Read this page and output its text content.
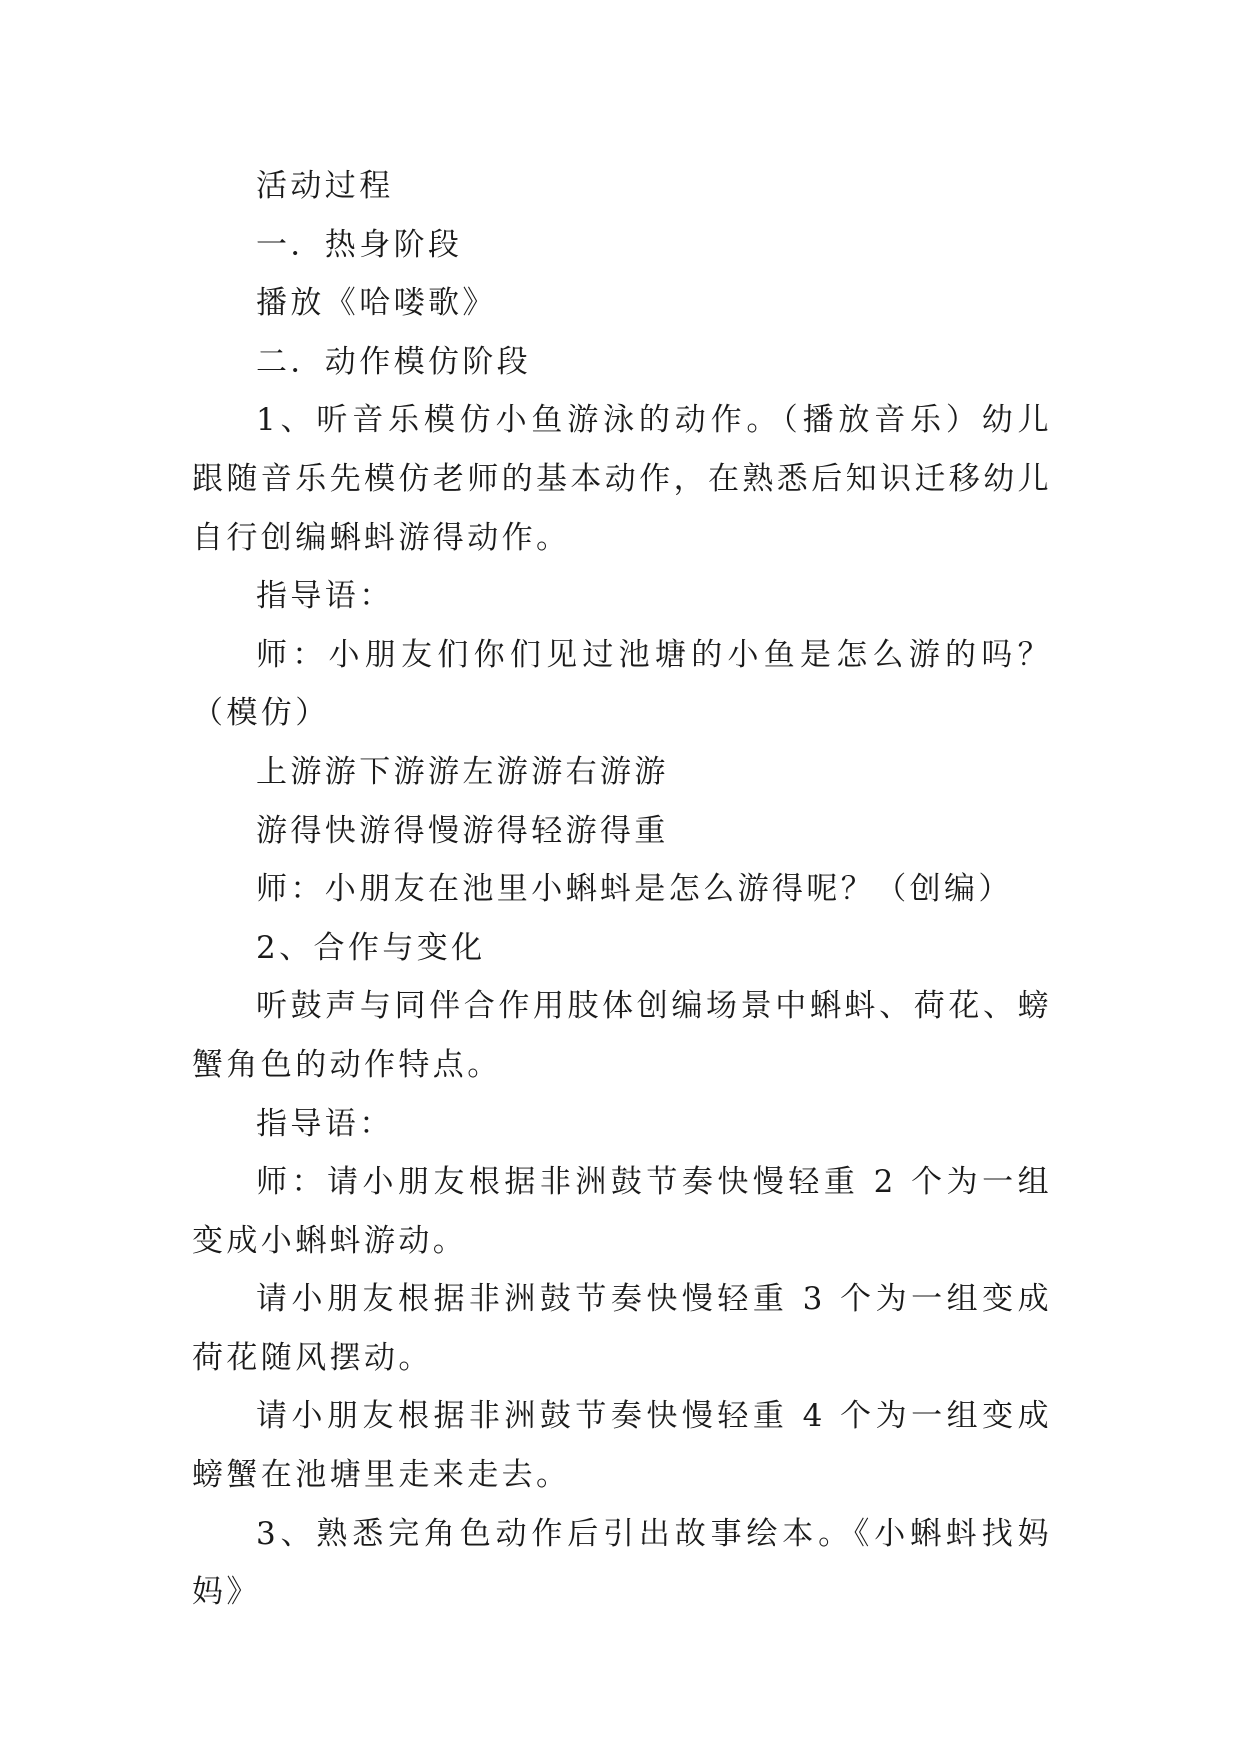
活动过程

一．热身阶段

播放《哈喽歌》

二．动作模仿阶段

1、听音乐模仿小鱼游泳的动作。（播放音乐）幼儿跟随音乐先模仿老师的基本动作，在熟悉后知识迁移幼儿自行创编蝌蚪游得动作。

指导语：

师：小朋友们你们见过池塘的小鱼是怎么游的吗？（模仿）

上游游下游游左游游右游游

游得快游得慢游得轻游得重

师：小朋友在池里小蝌蚪是怎么游得呢？（创编）

2、合作与变化

听鼓声与同伴合作用肢体创编场景中蝌蚪、荷花、螃蟹角色的动作特点。

指导语：

师：请小朋友根据非洲鼓节奏快慢轻重 2 个为一组变成小蝌蚪游动。

请小朋友根据非洲鼓节奏快慢轻重 3 个为一组变成荷花随风摆动。

请小朋友根据非洲鼓节奏快慢轻重 4 个为一组变成螃蟹在池塘里走来走去。

3、熟悉完角色动作后引出故事绘本。《小蝌蚪找妈妈》
